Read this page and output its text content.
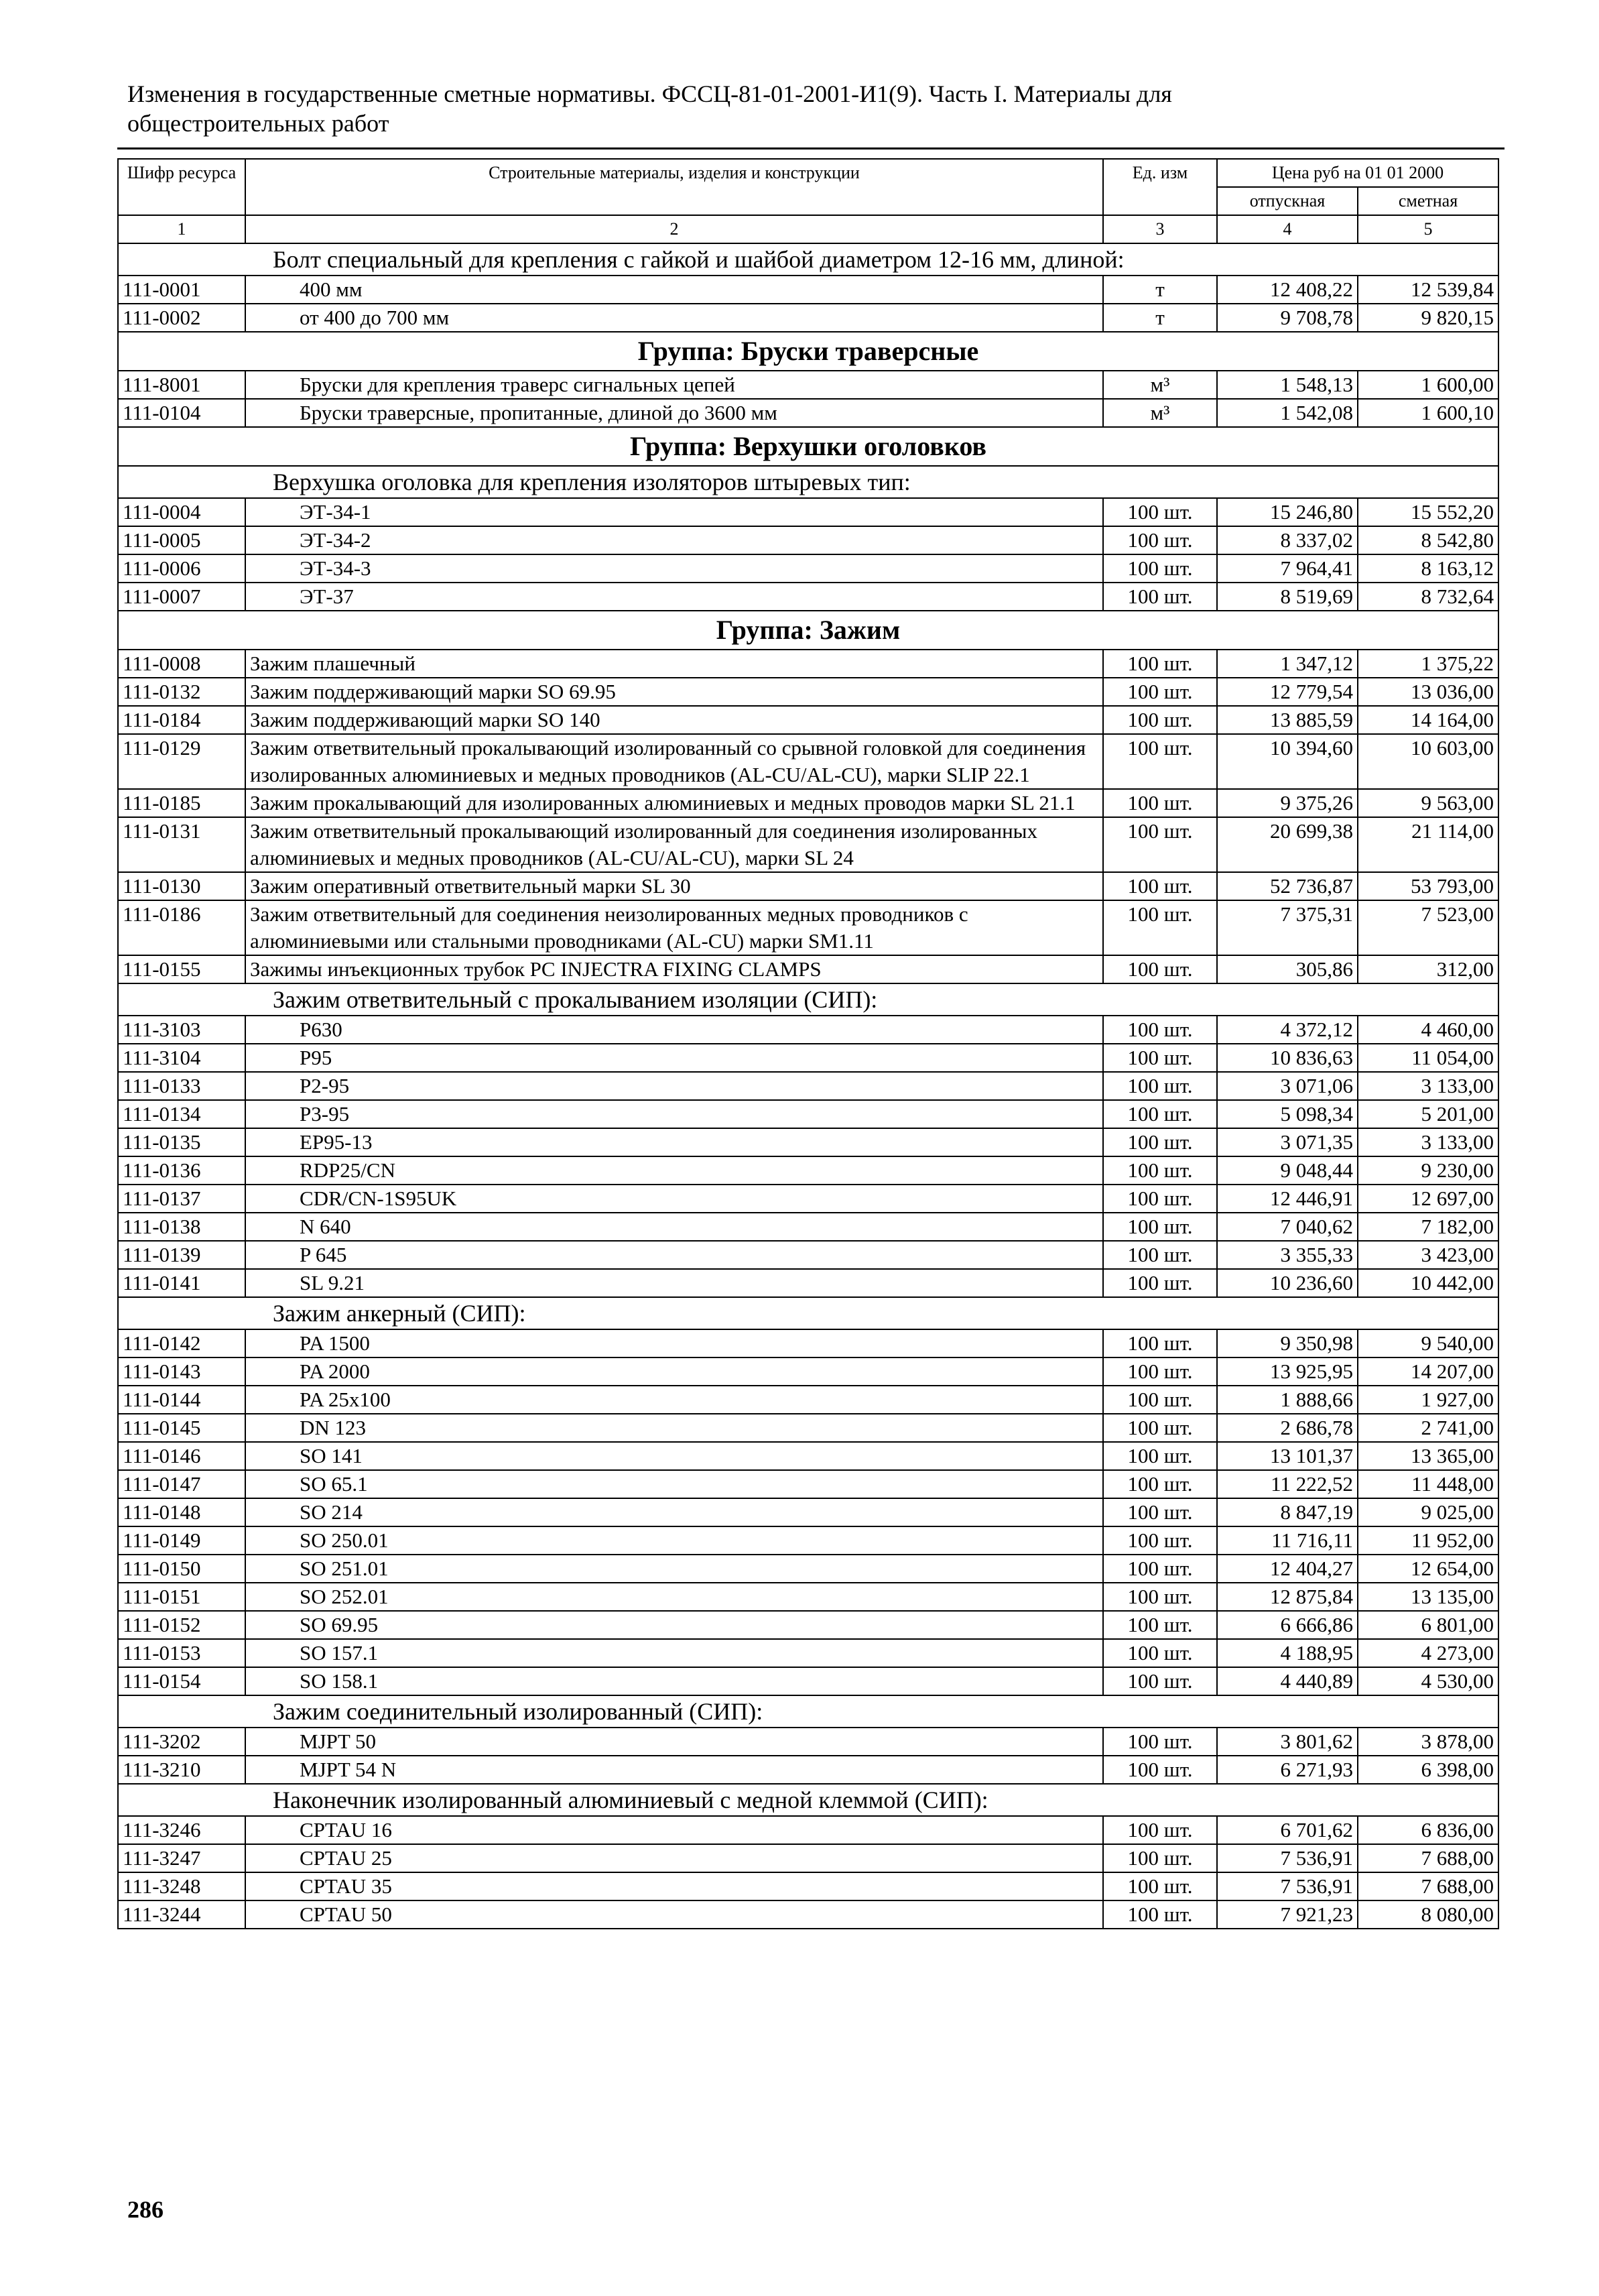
Изменения в государственные сметные нормативы. ФССЦ-81-01-2001-И1(9). Часть I. Материалы для
общестроительных работ
Шифр ресурса	Строительные материалы, изделия и конструкции	Ед. изм	Цена руб на 01 01 2000	
			отпускная	сметная
1	2	3	4	5
Болт специальный для крепления с гайкой и шайбой диаметром 12-16 мм, длиной:				
111-0001	400 мм	т	12 408,22	12 539,84
111-0002	от 400 до 700 мм	т	9 708,78	9 820,15
Группа: Бруски траверсные				
111-8001	Бруски для крепления траверс сигнальных цепей	м³	1 548,13	1 600,00
111-0104	Бруски траверсные, пропитанные, длиной до 3600 мм	м³	1 542,08	1 600,10
Группа: Верхушки оголовков				
Верхушка оголовка для крепления изоляторов штыревых тип:				
111-0004	ЭТ-34-1	100 шт.	15 246,80	15 552,20
111-0005	ЭТ-34-2	100 шт.	8 337,02	8 542,80
111-0006	ЭТ-34-3	100 шт.	7 964,41	8 163,12
111-0007	ЭТ-37	100 шт.	8 519,69	8 732,64
Группа: Зажим				
111-0008	Зажим плашечный	100 шт.	1 347,12	1 375,22
111-0132	Зажим поддерживающий марки SO 69.95	100 шт.	12 779,54	13 036,00
111-0184	Зажим поддерживающий марки SO 140	100 шт.	13 885,59	14 164,00
111-0129	Зажим ответвительный прокалывающий изолированный со срывной головкой для соединения изолированных алюминиевых и медных проводников (AL-CU/AL-CU), марки SLIP 22.1	100 шт.	10 394,60	10 603,00
111-0185	Зажим прокалывающий для изолированных алюминиевых и медных проводов марки SL 21.1	100 шт.	9 375,26	9 563,00
111-0131	Зажим ответвительный прокалывающий изолированный для соединения изолированных алюминиевых и медных проводников (AL-CU/AL-CU), марки SL 24	100 шт.	20 699,38	21 114,00
111-0130	Зажим оперативный ответвительный марки SL 30	100 шт.	52 736,87	53 793,00
111-0186	Зажим ответвительный для соединения неизолированных медных проводников с алюминиевыми или стальными проводниками (AL-CU) марки SM1.11	100 шт.	7 375,31	7 523,00
111-0155	Зажимы инъекционных трубок PC INJECTRA FIXING CLAMPS	100 шт.	305,86	312,00
Зажим ответвительный с прокалыванием изоляции (СИП):				
111-3103	P630	100 шт.	4 372,12	4 460,00
111-3104	P95	100 шт.	10 836,63	11 054,00
111-0133	P2-95	100 шт.	3 071,06	3 133,00
111-0134	P3-95	100 шт.	5 098,34	5 201,00
111-0135	EP95-13	100 шт.	3 071,35	3 133,00
111-0136	RDP25/CN	100 шт.	9 048,44	9 230,00
111-0137	CDR/CN-1S95UK	100 шт.	12 446,91	12 697,00
111-0138	N 640	100 шт.	7 040,62	7 182,00
111-0139	P 645	100 шт.	3 355,33	3 423,00
111-0141	SL 9.21	100 шт.	10 236,60	10 442,00
Зажим анкерный (СИП):				
111-0142	PA 1500	100 шт.	9 350,98	9 540,00
111-0143	PA 2000	100 шт.	13 925,95	14 207,00
111-0144	PA 25x100	100 шт.	1 888,66	1 927,00
111-0145	DN 123	100 шт.	2 686,78	2 741,00
111-0146	SO 141	100 шт.	13 101,37	13 365,00
111-0147	SO 65.1	100 шт.	11 222,52	11 448,00
111-0148	SO 214	100 шт.	8 847,19	9 025,00
111-0149	SO 250.01	100 шт.	11 716,11	11 952,00
111-0150	SO 251.01	100 шт.	12 404,27	12 654,00
111-0151	SO 252.01	100 шт.	12 875,84	13 135,00
111-0152	SO 69.95	100 шт.	6 666,86	6 801,00
111-0153	SO 157.1	100 шт.	4 188,95	4 273,00
111-0154	SO 158.1	100 шт.	4 440,89	4 530,00
Зажим соединительный изолированный (СИП):				
111-3202	MJPT 50	100 шт.	3 801,62	3 878,00
111-3210	MJPT 54 N	100 шт.	6 271,93	6 398,00
Наконечник изолированный алюминиевый с медной клеммой (СИП):				
111-3246	CPTAU 16	100 шт.	6 701,62	6 836,00
111-3247	CPTAU 25	100 шт.	7 536,91	7 688,00
111-3248	CPTAU 35	100 шт.	7 536,91	7 688,00
111-3244	CPTAU 50	100 шт.	7 921,23	8 080,00
286
